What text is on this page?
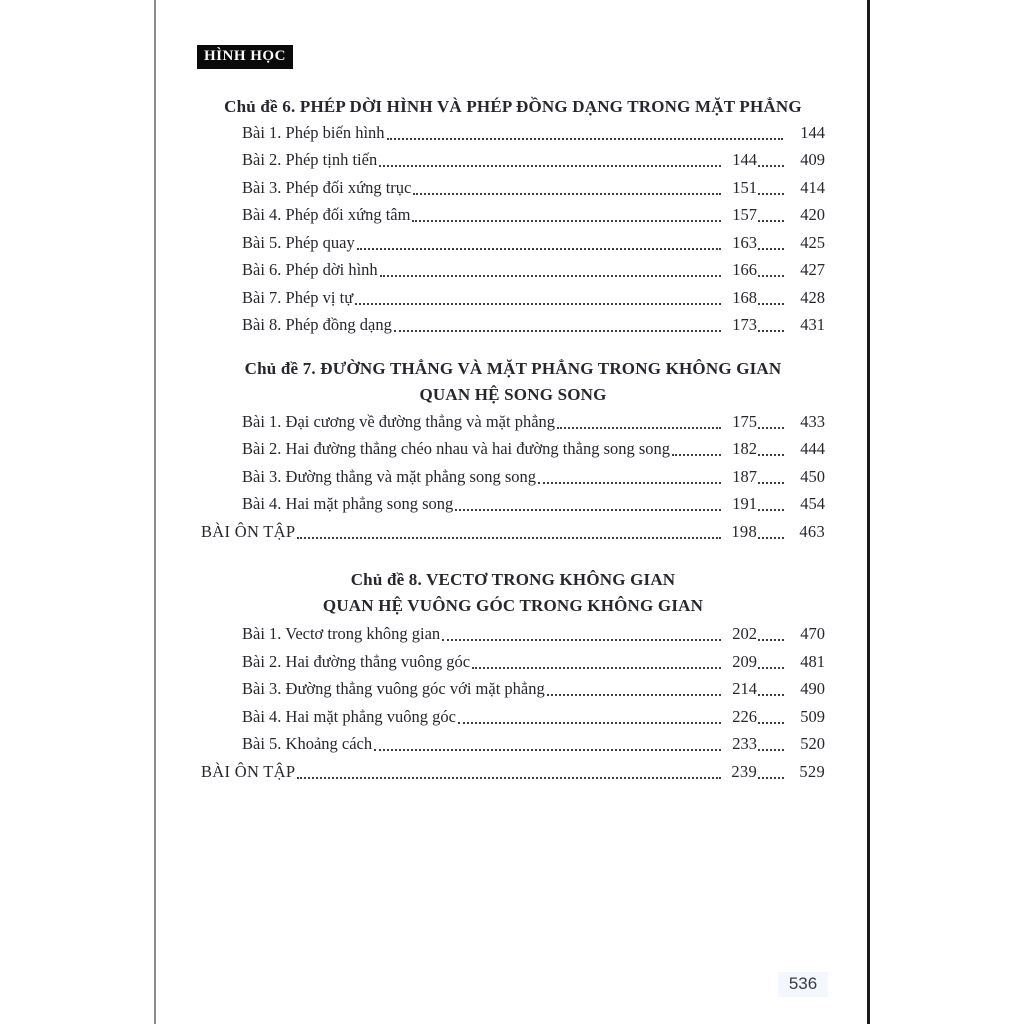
HÌNH HỌC
Chủ đề 6. PHÉP DỜI HÌNH VÀ PHÉP ĐỒNG DẠNG TRONG MẶT PHẲNG
Bài 1. Phép biến hình	144
Bài 2. Phép tịnh tiến	144	409
Bài 3. Phép đối xứng trục	151	414
Bài 4. Phép đối xứng tâm	157	420
Bài 5. Phép quay	163	425
Bài 6. Phép dời hình	166	427
Bài 7. Phép vị tự	168	428
Bài 8. Phép đồng dạng	173	431
Chủ đề 7. ĐƯỜNG THẲNG VÀ MẶT PHẲNG TRONG KHÔNG GIAN
QUAN HỆ SONG SONG
Bài 1. Đại cương về đường thẳng và mặt phẳng	175	433
Bài 2. Hai đường thẳng chéo nhau và hai đường thẳng song song	182	444
Bài 3. Đường thẳng và mặt phẳng song song	187	450
Bài 4. Hai mặt phẳng song song	191	454
BÀI ÔN TẬP	198	463
Chủ đề 8. VECTƠ TRONG KHÔNG GIAN
QUAN HỆ VUÔNG GÓC TRONG KHÔNG GIAN
Bài 1. Vectơ trong không gian	202	470
Bài 2. Hai đường thẳng vuông góc	209	481
Bài 3. Đường thẳng vuông góc với mặt phẳng	214	490
Bài 4. Hai mặt phẳng vuông góc	226	509
Bài 5. Khoảng cách	233	520
BÀI ÔN TẬP	239	529
536
